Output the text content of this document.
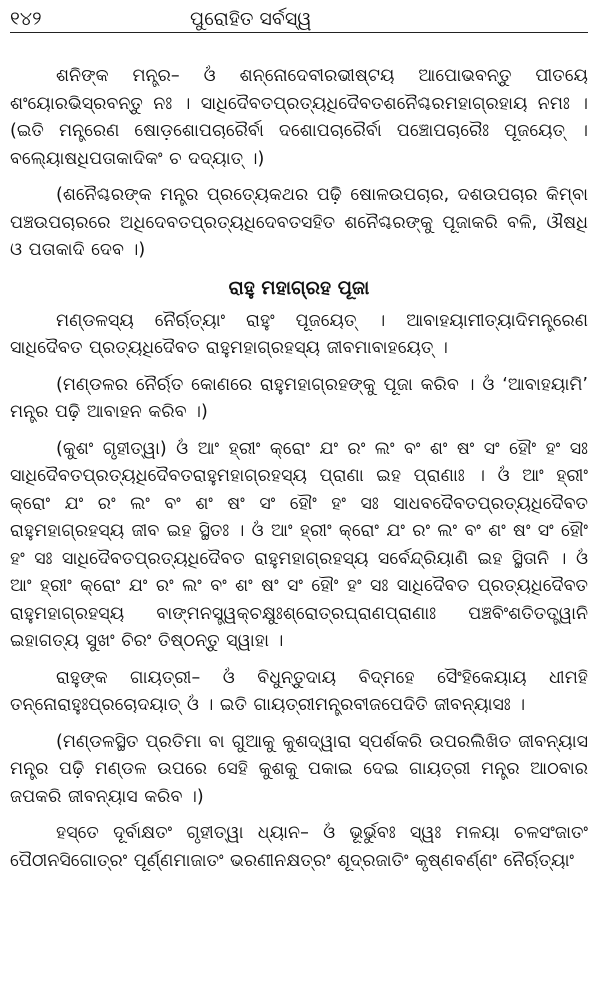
୧୪୨	ପୁରୋହିତ ସର୍ବସ୍ୱ

ଶନିଙ୍କ ମନ୍ତ୍ର– ଓଁ ଶନ୍ନୋଦେବୀରଭୀଷ୍ଟୟ ଆପୋଭବନ୍ତୁ ପୀତୟେ ଶଂୟୋରଭିସ୍ରବନ୍ତୁ ନଃ । ସାଧିଦୈବତପ୍ରତ୍ୟଧିଦୈବତଶନୈଶ୍ଚରମହାଗ୍ରହାୟ ନମଃ । (ଇତି ମନ୍ତ୍ରେଣ ଷୋଡ଼ଶୋପଚାରୈର୍ବା ଦଶୋପଚାରୈର୍ବା ପଞ୍ଚୋପଚାରୈଃ ପୂଜୟେତ୍ । ବଲ୍ୟୋଷଧିପତାକାଦିକଂ ଚ ଦଦ୍ୟାତ୍ ।)

(ଶନୈଶ୍ଚରଙ୍କ ମନ୍ତ୍ର ପ୍ରତ୍ୟେକଥର ପଢ଼ି ଷୋଳଉପଚାର, ଦଶଉପଚାର କିମ୍ବା ପଞ୍ଚଉପଚାରରେ ଅଧିଦେବତପ୍ରତ୍ୟଧିଦେବତସହିତ ଶନୈଶ୍ଚରଙ୍କୁ ପୂଜାକରି ବଳି, ଔଷଧି ଓ ପତାକାଦି ଦେବ ।)

ରାହୁ ମହାଗ୍ରହ ପୂଜା

ମଣ୍ଡଳସ୍ୟ ନୈର୍ଋତ୍ୟାଂ ରାହୁଂ ପୂଜୟେତ୍ । ଆବାହୟାମୀତ୍ୟାଦିମନ୍ତ୍ରେଣ ସାଧିଦୈବତ ପ୍ରତ୍ୟଧିଦୈବତ ରାହୁମହାଗ୍ରହସ୍ୟ ଜୀବମାବାହୟେତ୍ ।

(ମଣ୍ଡଳର ନୈର୍ଋତ କୋଣରେ ରାହୁମହାଗ୍ରହଙ୍କୁ ପୂଜା କରିବ । ଓଁ ‘ଆବାହୟାମି’ ମନ୍ତ୍ର ପଢ଼ି ଆବାହନ କରିବ ।)

(କୁଶଂ ଗୃହୀତ୍ୱା) ଓଁ ଆଂ ହ୍ରୀଂ କ୍ରୋଂ ଯଂ ରଂ ଲଂ ବଂ ଶଂ ଷଂ ସଂ ହୌଂ ହଂ ସଃ ସାଧିଦୈବତପ୍ରତ୍ୟଧିଦୈବତରାହୁମହାଗ୍ରହସ୍ୟ ପ୍ରାଣା ଇହ ପ୍ରାଣାଃ । ଓଁ ଆଂ ହ୍ରୀଂ କ୍ରୋଂ ଯଂ ରଂ ଲଂ ବଂ ଶଂ ଷଂ ସଂ ହୌଂ ହଂ ସଃ ସାଧବଦୈବତପ୍ରତ୍ୟଧିଦୈବତ ରାହୁମହାଗ୍ରହସ୍ୟ ଜୀବ ଇହ ସ୍ଥିତଃ । ଓଁ ଆଂ ହ୍ରୀଂ କ୍ରୋଂ ଯଂ ରଂ ଲଂ ବଂ ଶଂ ଷଂ ସଂ ହୌଂ ହଂ ସଃ ସାଧିଦୈବତପ୍ରତ୍ୟଧିଦୈବତ ରାହୁମହାଗ୍ରହସ୍ୟ ସର୍ବେନ୍ଦ୍ରିୟାଣି ଇହ ସ୍ଥିତାନି । ଓଁ ଆଂ ହ୍ରୀଂ କ୍ରୋଂ ଯଂ ରଂ ଲଂ ବଂ ଶଂ ଷଂ ସଂ ହୌଂ ହଂ ସଃ ସାଧିଦୈବତ ପ୍ରତ୍ୟଧିଦୈବତ ରାହୁମହାଗ୍ରହସ୍ୟ ବାଙ୍ମନସ୍ତ୍ୱକ୍‌ଚକ୍ଷୁଃଶ୍ରୋତ୍ରଘ୍ରାଣପ୍ରାଣାଃ ପଞ୍ଚବିଂଶତିତତ୍ତ୍ୱାନି ଇହାଗତ୍ୟ ସୁଖଂ ଚିରଂ ତିଷ୍ଠନ୍ତୁ ସ୍ୱାହା ।

ରାହୁଙ୍କ ଗାୟତ୍ରୀ– ଓଁ ବିଧୁନ୍ତୁଦାୟ ବିଦ୍ମହେ ସୈଂହିକେୟାୟ ଧୀମହି ତନ୍ନୋରାହୁଃପ୍ରଚୋଦୟାତ୍ ଓଁ । ଇତି ଗାୟତ୍ରୀମନ୍ତ୍ରବୀଜପେଦିତି ଜୀବନ୍ୟାସଃ ।

(ମଣ୍ଡଳସ୍ଥିତ ପ୍ରତିମା ବା ଗୁଆକୁ କୁଶଦ୍ୱାରା ସ୍ପର୍ଶକରି ଉପରଲିଖିତ ଜୀବନ୍ୟାସ ମନ୍ତ୍ର ପଢ଼ି ମଣ୍ଡଳ ଉପରେ ସେହି କୁଶକୁ ପକାଇ ଦେଇ ଗାୟତ୍ରୀ ମନ୍ତ୍ର ଆଠବାର ଜପକରି ଜୀବନ୍ୟାସ କରିବ ।)

ହସ୍ତେ ଦୂର୍ବାକ୍ଷତଂ ଗୃହୀତ୍ୱା ଧ୍ୟାନ– ଓଁ ଭୂର୍ଭୁବଃ ସ୍ୱଃ ମଳୟା ଚଳସଂଜାତଂ ପୈଠୀନସିଗୋତ୍ରଂ ପୂର୍ଣ୍ଣମାଜାତଂ ଭରଣୀନକ୍ଷତ୍ରଂ ଶୂଦ୍ରଜାତିଂ କୃଷ୍ଣବର୍ଣ୍ଣଂ ନୈର୍ଋତ୍ୟାଂ
